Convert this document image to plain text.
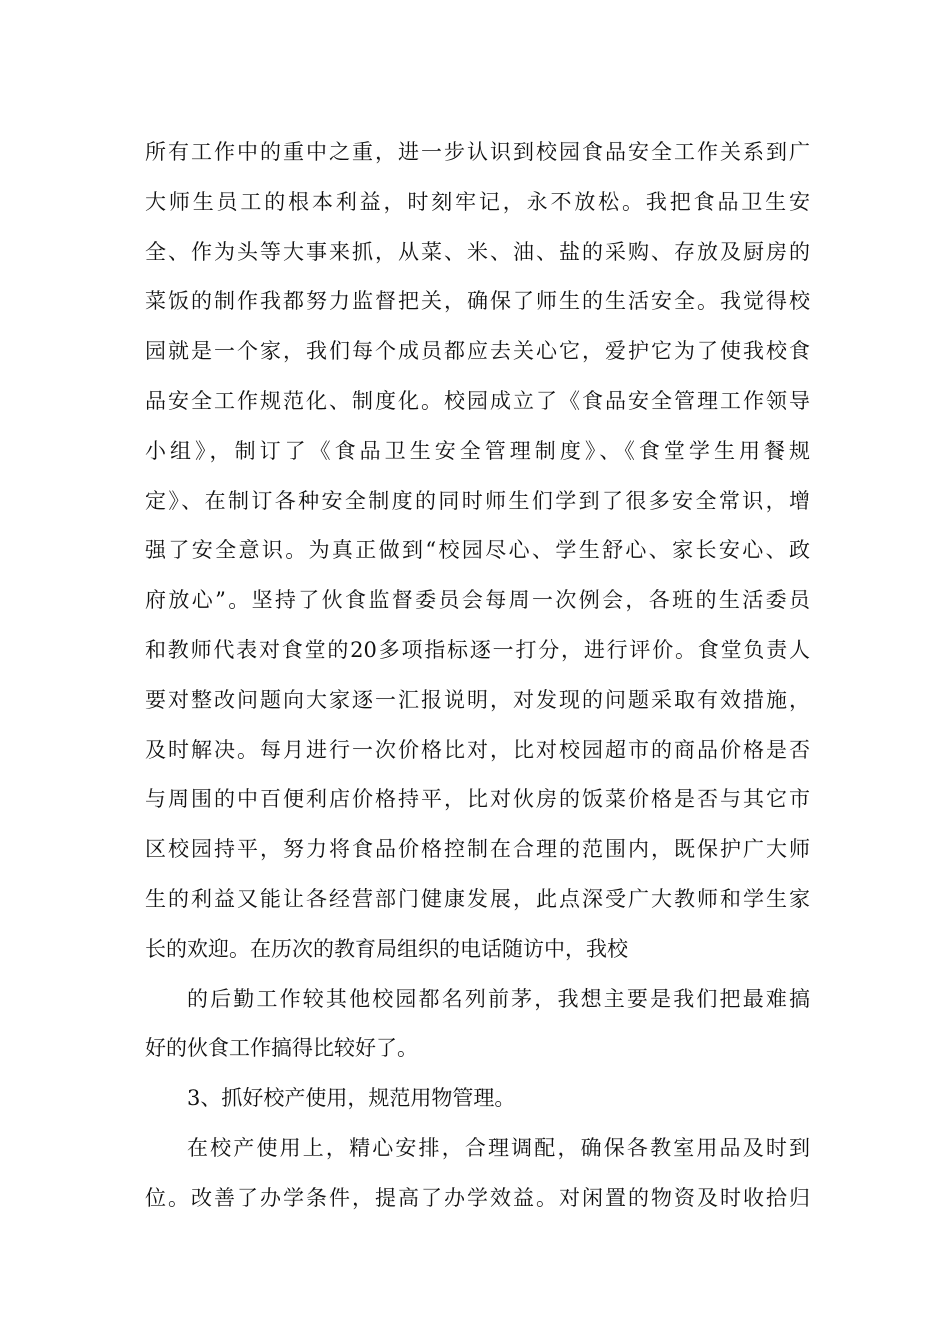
所有工作中的重中之重，进一步认识到校园食品安全工作关系到广
大师生员工的根本利益，时刻牢记，永不放松。我把食品卫生安
全、作为头等大事来抓，从菜、米、油、盐的采购、存放及厨房的
菜饭的制作我都努力监督把关，确保了师生的生活安全。我觉得校
园就是一个家，我们每个成员都应去关心它，爱护它为了使我校食
品安全工作规范化、制度化。校园成立了《食品安全管理工作领导
小组》，制订了《食品卫生安全管理制度》、《食堂学生用餐规
定》、在制订各种安全制度的同时师生们学到了很多安全常识，增
强了安全意识。为真正做到“校园尽心、学生舒心、家长安心、政
府放心”。坚持了伙食监督委员会每周一次例会，各班的生活委员
和教师代表对食堂的20多项指标逐一打分，进行评价。食堂负责人
要对整改问题向大家逐一汇报说明，对发现的问题采取有效措施，
及时解决。每月进行一次价格比对，比对校园超市的商品价格是否
与周围的中百便利店价格持平，比对伙房的饭菜价格是否与其它市
区校园持平，努力将食品价格控制在合理的范围内，既保护广大师
生的利益又能让各经营部门健康发展，此点深受广大教师和学生家
长的欢迎。在历次的教育局组织的电话随访中，我校
的后勤工作较其他校园都名列前茅，我想主要是我们把最难搞
好的伙食工作搞得比较好了。
3、抓好校产使用，规范用物管理。
在校产使用上，精心安排，合理调配，确保各教室用品及时到
位。改善了办学条件，提高了办学效益。对闲置的物资及时收拾归
